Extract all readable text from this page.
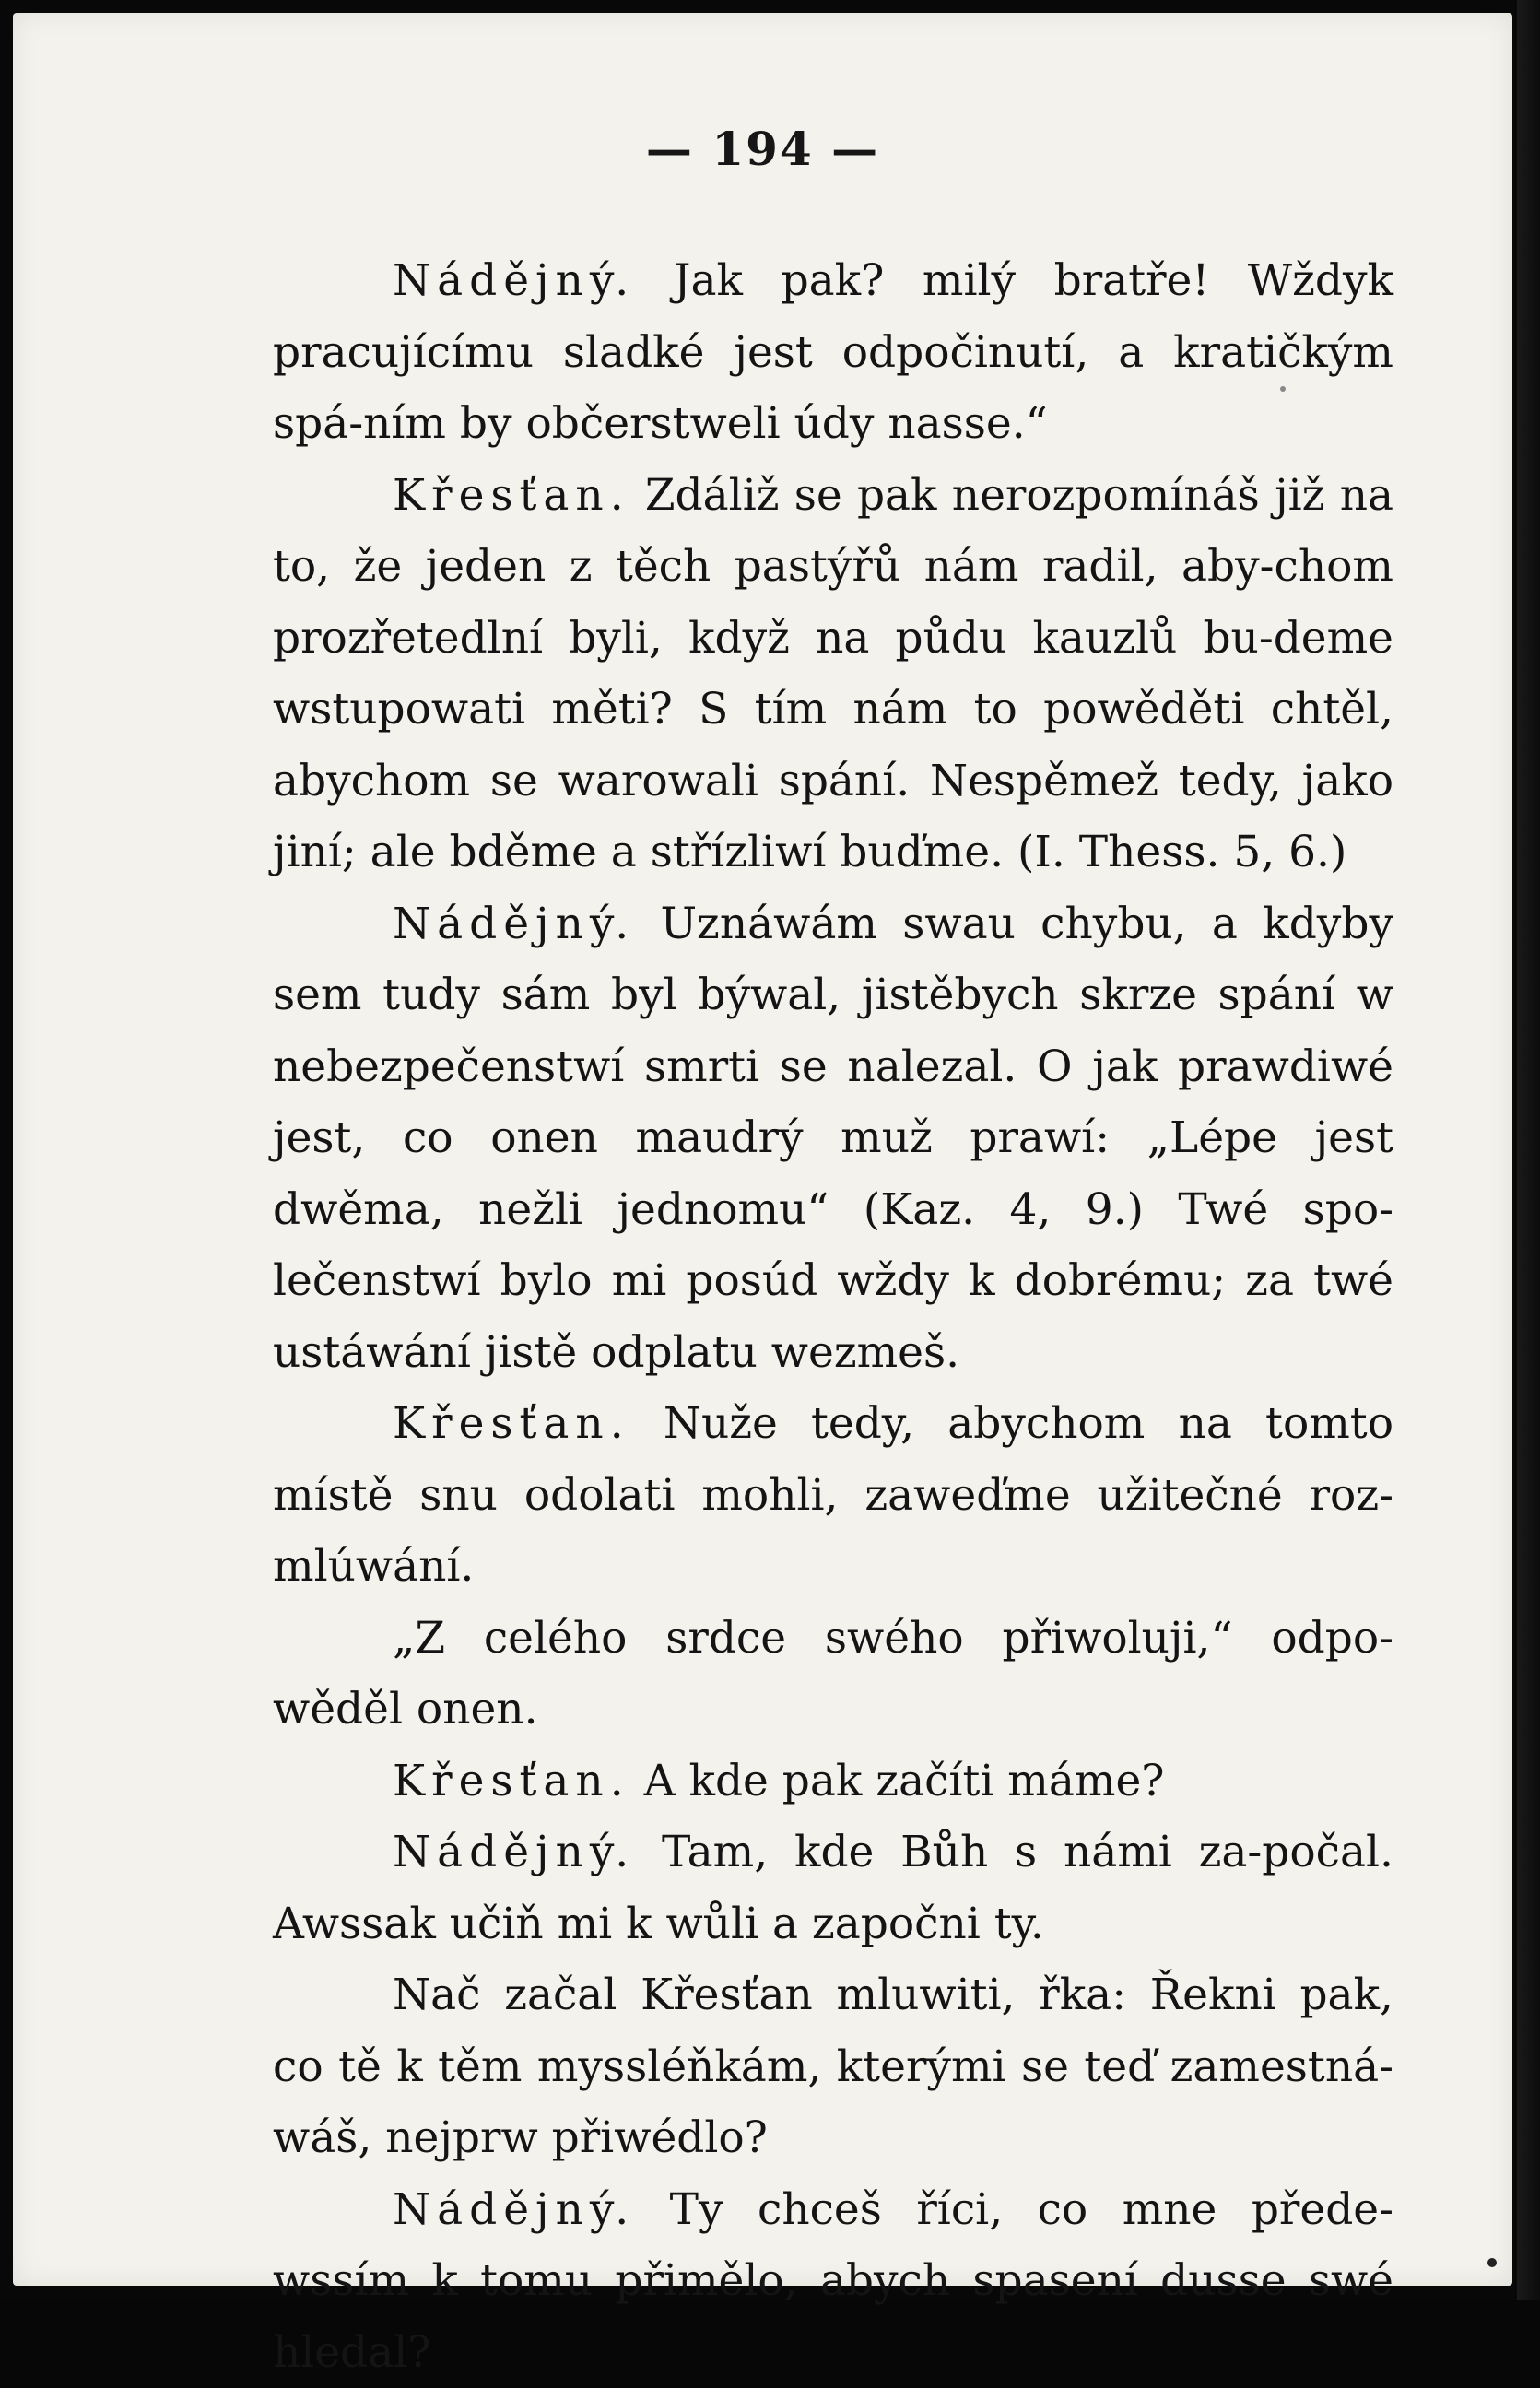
— 194 —

Nádějný. Jak pak? milý bratře! Wždyk pracujícímu sladké jest odpočinutí, a kratičkým spá-ním by občerstweli údy nasse.“

Křesťan. Zdáliž se pak nerozpomínáš již na to, že jeden z těch pastýřů nám radil, aby-chom prozřetedlní byli, když na půdu kauzlů bu-deme wstupowati měti? S tím nám to powěděti chtěl, abychom se warowali spání. Nespěmež tedy, jako jiní; ale bděme a střízliwí buďme. (I. Thess. 5, 6.)

Nádějný. Uznáwám swau chybu, a kdyby sem tudy sám byl býwal, jistěbych skrze spání w nebezpečenstwí smrti se nalezal. O jak prawdiwé jest, co onen maudrý muž prawí: „Lépe jest dwěma, nežli jednomu“ (Kaz. 4, 9.) Twé spo-lečenstwí bylo mi posúd wždy k dobrému; za twé ustáwání jistě odplatu wezmeš.

Křesťan. Nuže tedy, abychom na tomto místě snu odolati mohli, zaweďme užitečné roz-mlúwání.

„Z celého srdce swého přiwoluji,“ odpo-wěděl onen.

Křesťan. A kde pak začíti máme?

Nádějný. Tam, kde Bůh s námi za-počal. Awssak učiň mi k wůli a započni ty.

Nač začal Křesťan mluwiti, řka: Řekni pak, co tě k těm myssléňkám, kterými se teď zamestná-wáš, nejprw přiwédlo?

Nádějný. Ty chceš říci, co mne přede-wssím k tomu přimělo, abych spasení dusse swé hledal?
